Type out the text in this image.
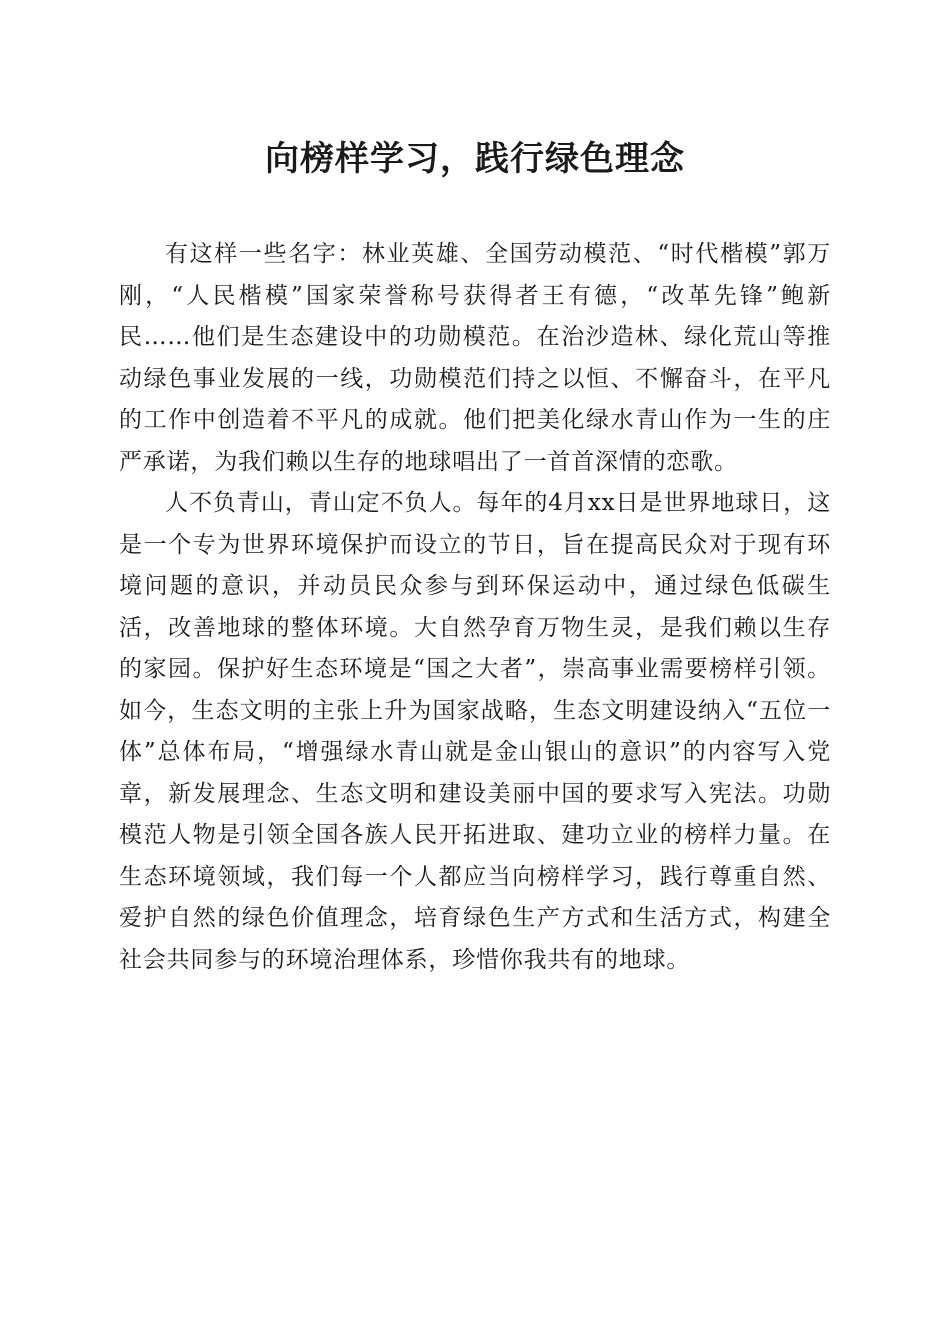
向榜样学习，践行绿色理念

有这样一些名字：林业英雄、全国劳动模范、“时代楷模”郭万刚，“人民楷模”国家荣誉称号获得者王有德，“改革先锋”鲍新民……他们是生态建设中的功勋模范。在治沙造林、绿化荒山等推动绿色事业发展的一线，功勋模范们持之以恒、不懈奋斗，在平凡的工作中创造着不平凡的成就。他们把美化绿水青山作为一生的庄严承诺，为我们赖以生存的地球唱出了一首首深情的恋歌。

人不负青山，青山定不负人。每年的4月xx日是世界地球日，这是一个专为世界环境保护而设立的节日，旨在提高民众对于现有环境问题的意识，并动员民众参与到环保运动中，通过绿色低碳生活，改善地球的整体环境。大自然孕育万物生灵，是我们赖以生存的家园。保护好生态环境是“国之大者”，崇高事业需要榜样引领。如今，生态文明的主张上升为国家战略，生态文明建设纳入“五位一体”总体布局，“增强绿水青山就是金山银山的意识”的内容写入党章，新发展理念、生态文明和建设美丽中国的要求写入宪法。功勋模范人物是引领全国各族人民开拓进取、建功立业的榜样力量。在生态环境领域，我们每一个人都应当向榜样学习，践行尊重自然、爱护自然的绿色价值理念，培育绿色生产方式和生活方式，构建全社会共同参与的环境治理体系，珍惜你我共有的地球。
